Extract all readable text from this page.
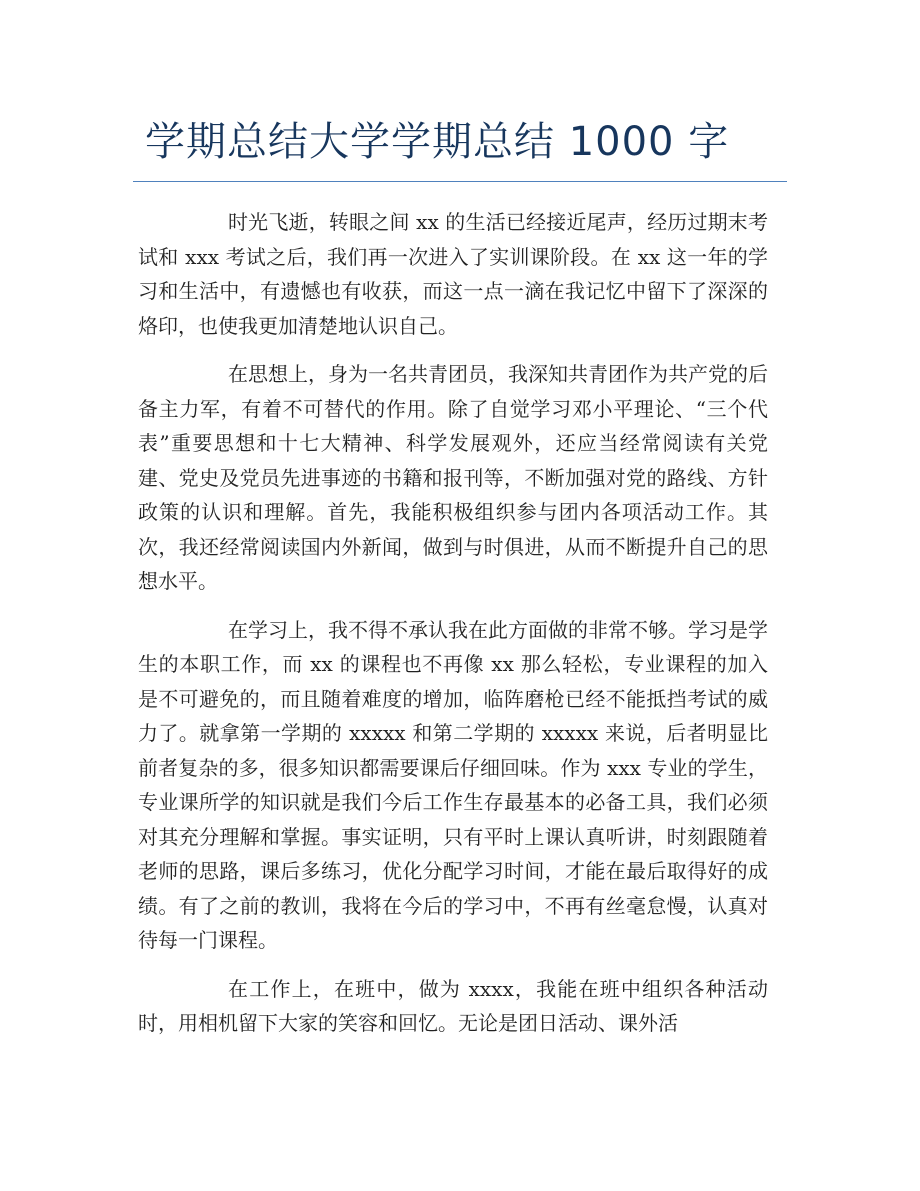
学期总结大学学期总结 1000 字

时光飞逝，转眼之间 xx 的生活已经接近尾声，经历过期末考试和 xxx 考试之后，我们再一次进入了实训课阶段。在 xx 这一年的学习和生活中，有遗憾也有收获，而这一点一滴在我记忆中留下了深深的烙印，也使我更加清楚地认识自己。

在思想上，身为一名共青团员，我深知共青团作为共产党的后备主力军，有着不可替代的作用。除了自觉学习邓小平理论、“三个代表”重要思想和十七大精神、科学发展观外，还应当经常阅读有关党建、党史及党员先进事迹的书籍和报刊等，不断加强对党的路线、方针政策的认识和理解。首先，我能积极组织参与团内各项活动工作。其次，我还经常阅读国内外新闻，做到与时俱进，从而不断提升自己的思想水平。

在学习上，我不得不承认我在此方面做的非常不够。学习是学生的本职工作，而 xx 的课程也不再像 xx 那么轻松，专业课程的加入是不可避免的，而且随着难度的增加，临阵磨枪已经不能抵挡考试的威力了。就拿第一学期的 xxxxx 和第二学期的 xxxxx 来说，后者明显比前者复杂的多，很多知识都需要课后仔细回味。作为 xxx 专业的学生，专业课所学的知识就是我们今后工作生存最基本的必备工具，我们必须对其充分理解和掌握。事实证明，只有平时上课认真听讲，时刻跟随着老师的思路，课后多练习，优化分配学习时间，才能在最后取得好的成绩。有了之前的教训，我将在今后的学习中，不再有丝毫怠慢，认真对待每一门课程。

在工作上，在班中，做为 xxxx，我能在班中组织各种活动时，用相机留下大家的笑容和回忆。无论是团日活动、课外活
